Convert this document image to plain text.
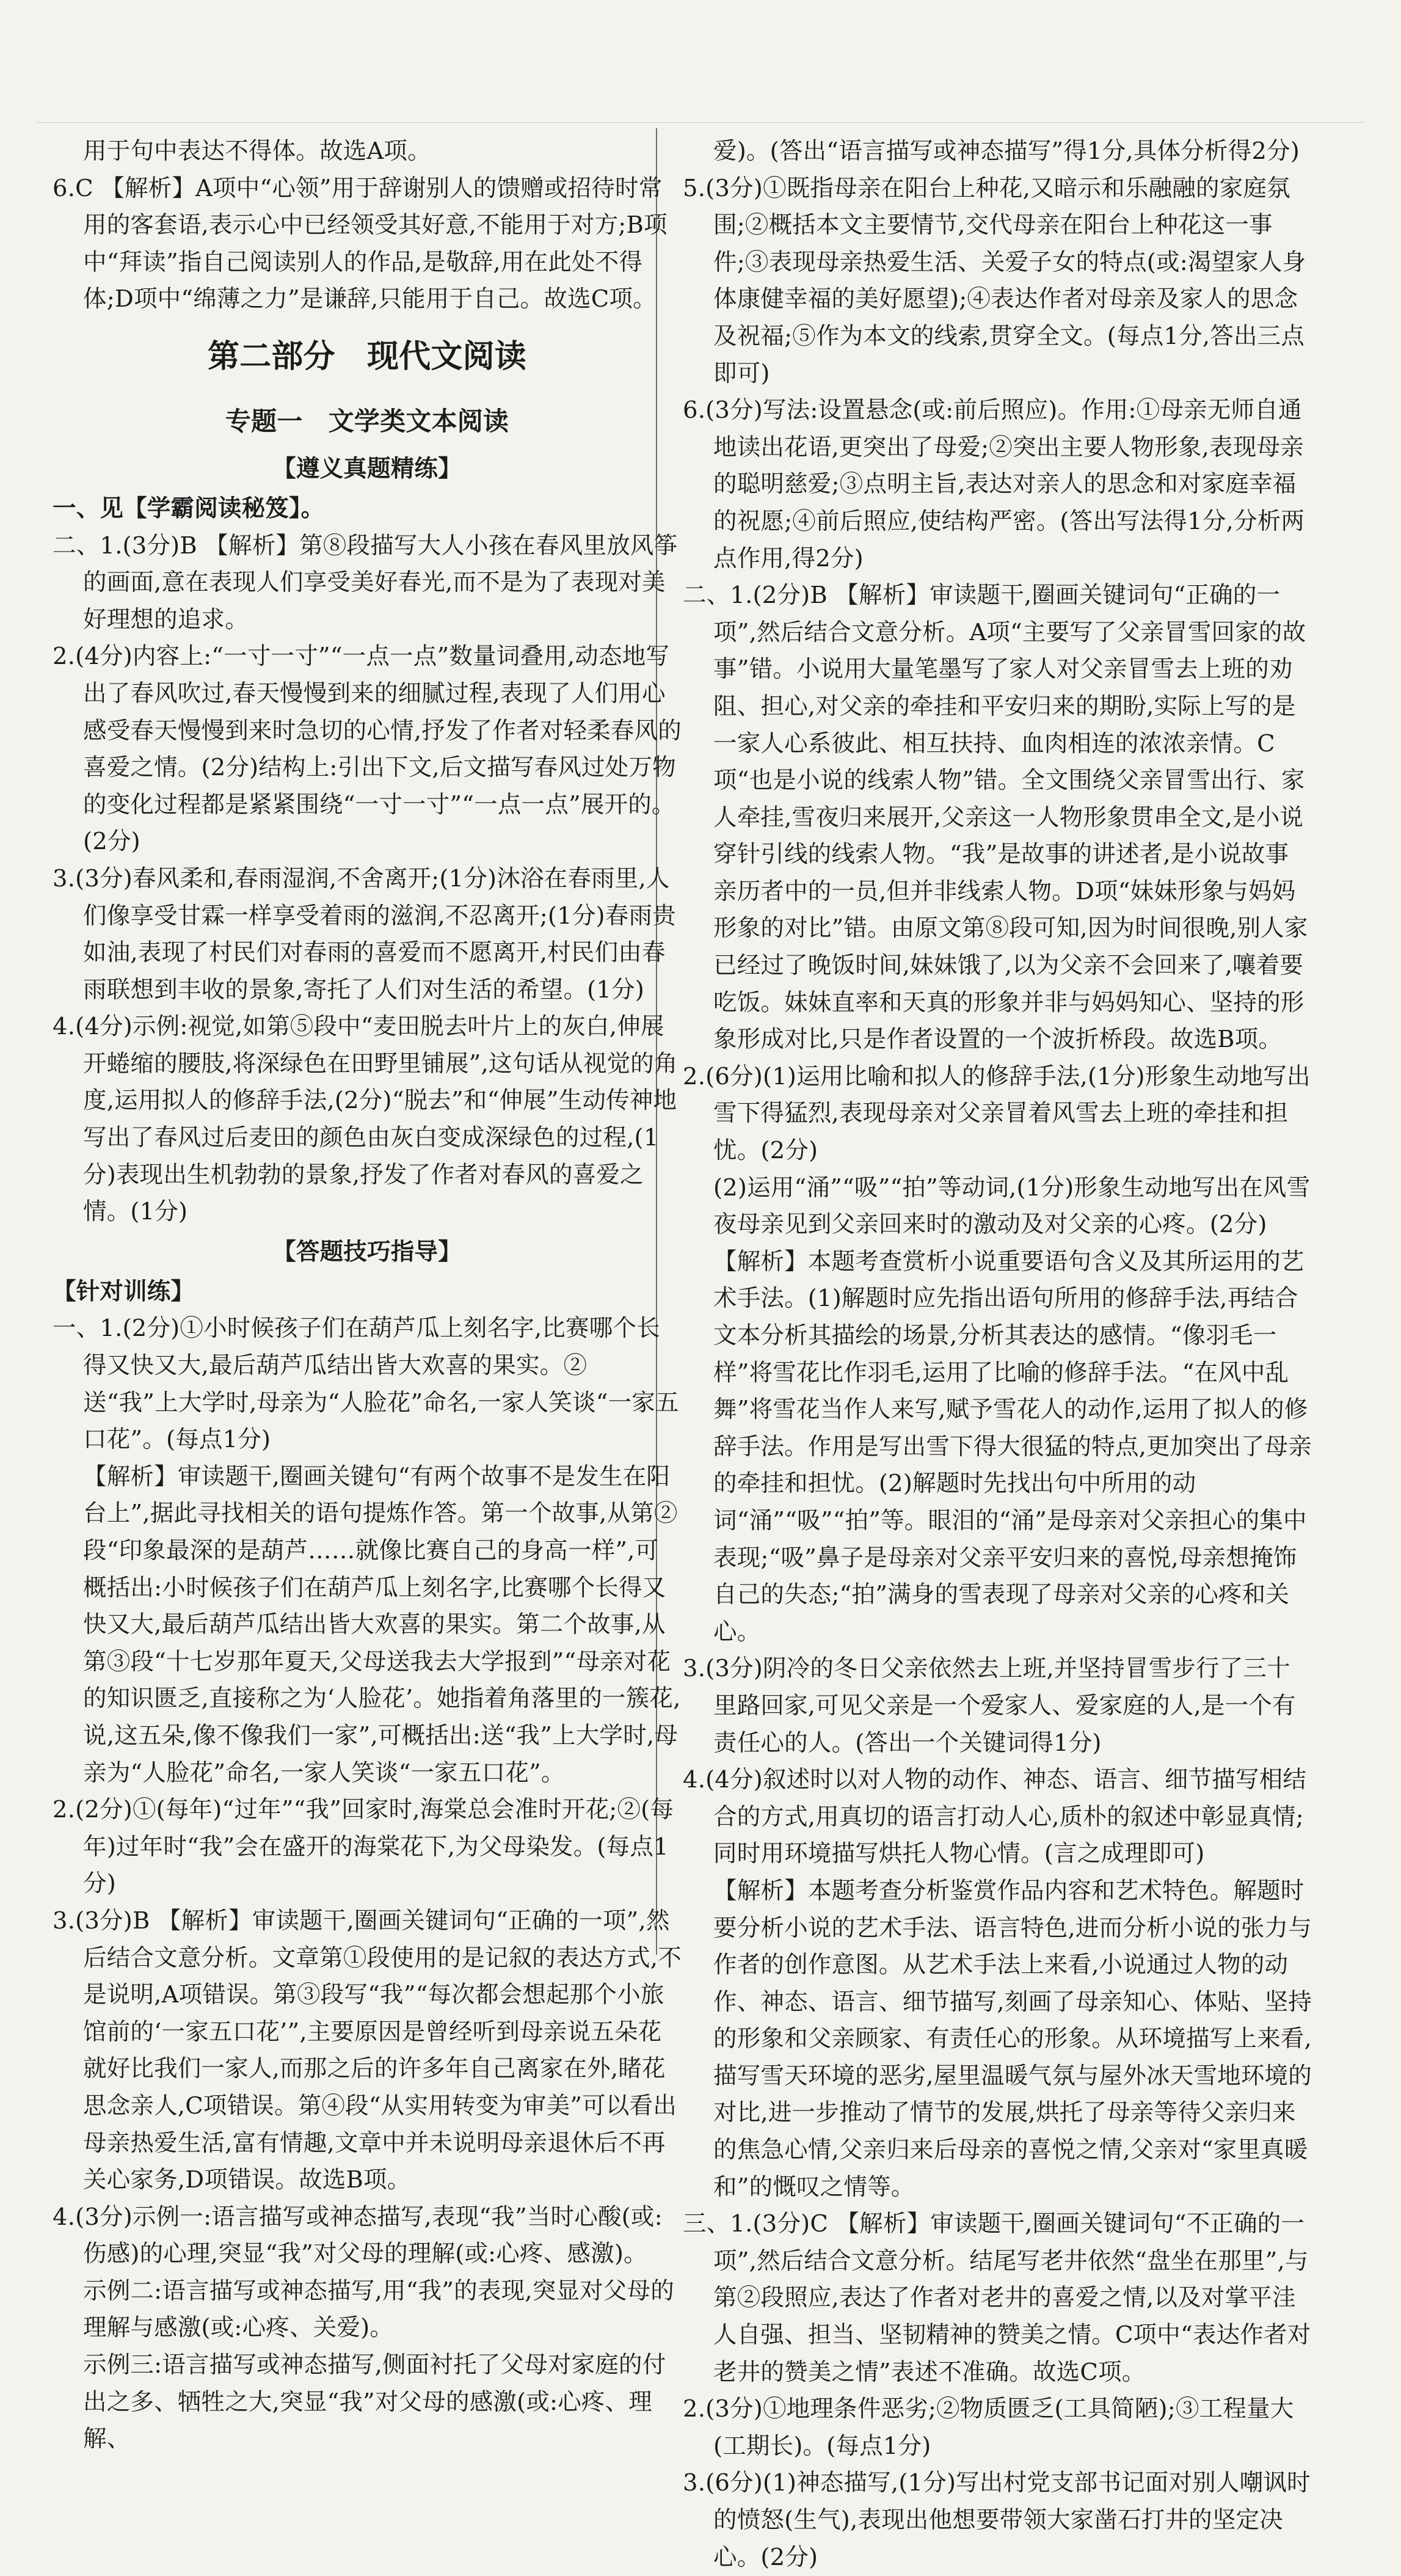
用于句中表达不得体。故选A项。

6.C 【解析】A项中“心领”用于辞谢别人的馈赠或招待时常用的客套语,表示心中已经领受其好意,不能用于对方;B项中“拜读”指自己阅读别人的作品,是敬辞,用在此处不得体;D项中“绵薄之力”是谦辞,只能用于自己。故选C项。

第二部分　现代文阅读

专题一　文学类文本阅读

【遵义真题精练】

一、见【学霸阅读秘笈】。

二、1.(3分)B 【解析】第⑧段描写大人小孩在春风里放风筝的画面,意在表现人们享受美好春光,而不是为了表现对美好理想的追求。

2.(4分)内容上:“一寸一寸”“一点一点”数量词叠用,动态地写出了春风吹过,春天慢慢到来的细腻过程,表现了人们用心感受春天慢慢到来时急切的心情,抒发了作者对轻柔春风的喜爱之情。(2分)结构上:引出下文,后文描写春风过处万物的变化过程都是紧紧围绕“一寸一寸”“一点一点”展开的。(2分)

3.(3分)春风柔和,春雨湿润,不舍离开;(1分)沐浴在春雨里,人们像享受甘霖一样享受着雨的滋润,不忍离开;(1分)春雨贵如油,表现了村民们对春雨的喜爱而不愿离开,村民们由春雨联想到丰收的景象,寄托了人们对生活的希望。(1分)

4.(4分)示例:视觉,如第⑤段中“麦田脱去叶片上的灰白,伸展开蜷缩的腰肢,将深绿色在田野里铺展”,这句话从视觉的角度,运用拟人的修辞手法,(2分)“脱去”和“伸展”生动传神地写出了春风过后麦田的颜色由灰白变成深绿色的过程,(1分)表现出生机勃勃的景象,抒发了作者对春风的喜爱之情。(1分)

【答题技巧指导】

【针对训练】

一、1.(2分)①小时候孩子们在葫芦瓜上刻名字,比赛哪个长得又快又大,最后葫芦瓜结出皆大欢喜的果实。②送“我”上大学时,母亲为“人脸花”命名,一家人笑谈“一家五口花”。(每点1分)

【解析】审读题干,圈画关键句“有两个故事不是发生在阳台上”,据此寻找相关的语句提炼作答。第一个故事,从第②段“印象最深的是葫芦……就像比赛自己的身高一样”,可概括出:小时候孩子们在葫芦瓜上刻名字,比赛哪个长得又快又大,最后葫芦瓜结出皆大欢喜的果实。第二个故事,从第③段“十七岁那年夏天,父母送我去大学报到”“母亲对花的知识匮乏,直接称之为‘人脸花’。她指着角落里的一簇花,说,这五朵,像不像我们一家”,可概括出:送“我”上大学时,母亲为“人脸花”命名,一家人笑谈“一家五口花”。

2.(2分)①(每年)“过年”“我”回家时,海棠总会准时开花;②(每年)过年时“我”会在盛开的海棠花下,为父母染发。(每点1分)

3.(3分)B 【解析】审读题干,圈画关键词句“正确的一项”,然后结合文意分析。文章第①段使用的是记叙的表达方式,不是说明,A项错误。第③段写“我”“每次都会想起那个小旅馆前的‘一家五口花’”,主要原因是曾经听到母亲说五朵花就好比我们一家人,而那之后的许多年自己离家在外,睹花思念亲人,C项错误。第④段“从实用转变为审美”可以看出母亲热爱生活,富有情趣,文章中并未说明母亲退休后不再关心家务,D项错误。故选B项。

4.(3分)示例一:语言描写或神态描写,表现“我”当时心酸(或:伤感)的心理,突显“我”对父母的理解(或:心疼、感激)。

示例二:语言描写或神态描写,用“我”的表现,突显对父母的理解与感激(或:心疼、关爱)。

示例三:语言描写或神态描写,侧面衬托了父母对家庭的付出之多、牺牲之大,突显“我”对父母的感激(或:心疼、理解、

爱)。(答出“语言描写或神态描写”得1分,具体分析得2分)

5.(3分)①既指母亲在阳台上种花,又暗示和乐融融的家庭氛围;②概括本文主要情节,交代母亲在阳台上种花这一事件;③表现母亲热爱生活、关爱子女的特点(或:渴望家人身体康健幸福的美好愿望);④表达作者对母亲及家人的思念及祝福;⑤作为本文的线索,贯穿全文。(每点1分,答出三点即可)

6.(3分)写法:设置悬念(或:前后照应)。作用:①母亲无师自通地读出花语,更突出了母爱;②突出主要人物形象,表现母亲的聪明慈爱;③点明主旨,表达对亲人的思念和对家庭幸福的祝愿;④前后照应,使结构严密。(答出写法得1分,分析两点作用,得2分)

二、1.(2分)B 【解析】审读题干,圈画关键词句“正确的一项”,然后结合文意分析。A项“主要写了父亲冒雪回家的故事”错。小说用大量笔墨写了家人对父亲冒雪去上班的劝阻、担心,对父亲的牵挂和平安归来的期盼,实际上写的是一家人心系彼此、相互扶持、血肉相连的浓浓亲情。C项“也是小说的线索人物”错。全文围绕父亲冒雪出行、家人牵挂,雪夜归来展开,父亲这一人物形象贯串全文,是小说穿针引线的线索人物。“我”是故事的讲述者,是小说故事亲历者中的一员,但并非线索人物。D项“妹妹形象与妈妈形象的对比”错。由原文第⑧段可知,因为时间很晚,别人家已经过了晚饭时间,妹妹饿了,以为父亲不会回来了,嚷着要吃饭。妹妹直率和天真的形象并非与妈妈知心、坚持的形象形成对比,只是作者设置的一个波折桥段。故选B项。

2.(6分)(1)运用比喻和拟人的修辞手法,(1分)形象生动地写出雪下得猛烈,表现母亲对父亲冒着风雪去上班的牵挂和担忧。(2分)

(2)运用“涌”“吸”“拍”等动词,(1分)形象生动地写出在风雪夜母亲见到父亲回来时的激动及对父亲的心疼。(2分)

【解析】本题考查赏析小说重要语句含义及其所运用的艺术手法。(1)解题时应先指出语句所用的修辞手法,再结合文本分析其描绘的场景,分析其表达的感情。“像羽毛一样”将雪花比作羽毛,运用了比喻的修辞手法。“在风中乱舞”将雪花当作人来写,赋予雪花人的动作,运用了拟人的修辞手法。作用是写出雪下得大很猛的特点,更加突出了母亲的牵挂和担忧。(2)解题时先找出句中所用的动词“涌”“吸”“拍”等。眼泪的“涌”是母亲对父亲担心的集中表现;“吸”鼻子是母亲对父亲平安归来的喜悦,母亲想掩饰自己的失态;“拍”满身的雪表现了母亲对父亲的心疼和关心。

3.(3分)阴冷的冬日父亲依然去上班,并坚持冒雪步行了三十里路回家,可见父亲是一个爱家人、爱家庭的人,是一个有责任心的人。(答出一个关键词得1分)

4.(4分)叙述时以对人物的动作、神态、语言、细节描写相结合的方式,用真切的语言打动人心,质朴的叙述中彰显真情;同时用环境描写烘托人物心情。(言之成理即可)

【解析】本题考查分析鉴赏作品内容和艺术特色。解题时要分析小说的艺术手法、语言特色,进而分析小说的张力与作者的创作意图。从艺术手法上来看,小说通过人物的动作、神态、语言、细节描写,刻画了母亲知心、体贴、坚持的形象和父亲顾家、有责任心的形象。从环境描写上来看,描写雪天环境的恶劣,屋里温暖气氛与屋外冰天雪地环境的对比,进一步推动了情节的发展,烘托了母亲等待父亲归来的焦急心情,父亲归来后母亲的喜悦之情,父亲对“家里真暖和”的慨叹之情等。

三、1.(3分)C 【解析】审读题干,圈画关键词句“不正确的一项”,然后结合文意分析。结尾写老井依然“盘坐在那里”,与第②段照应,表达了作者对老井的喜爱之情,以及对掌平洼人自强、担当、坚韧精神的赞美之情。C项中“表达作者对老井的赞美之情”表述不准确。故选C项。

2.(3分)①地理条件恶劣;②物质匮乏(工具简陋);③工程量大(工期长)。(每点1分)

3.(6分)(1)神态描写,(1分)写出村党支部书记面对别人嘲讽时的愤怒(生气),表现出他想要带领大家凿石打井的坚定决心。(2分)
